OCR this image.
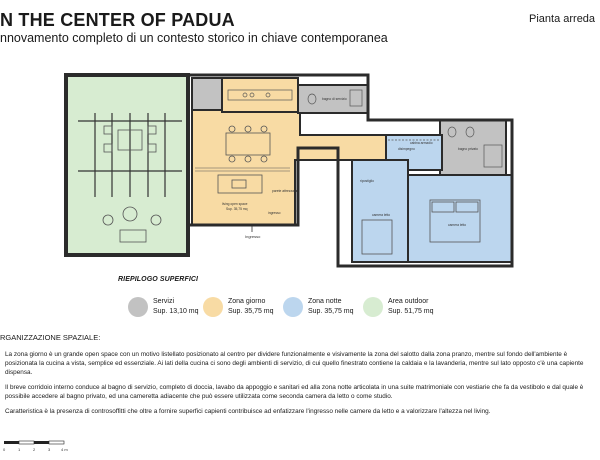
N THE CENTER OF PADUA
nnovamento completo di un contesto storico in chiave contemporanea
Pianta arreda
bagno di servizio
living open space
Sup. 35,75 mq
parete attrezzata
ingresso
disimpegno
cabina armadio
bagno privato
camera letto
camera letto
ripostiglio
Ingresso
RIEPILOGO SUPERFICI
Servizi
Sup. 13,10 mq
Zona giorno
Sup. 35,75 mq
Zona notte
Sup. 35,75 mq
Area outdoor
Sup. 51,75 mq
RGANIZZAZIONE SPAZIALE:
La zona giorno è un grande open space con un motivo listellato posizionato al centro per dividere funzionalmente e visivamente la zona del salotto dalla zona pranzo, mentre sul fondo dell'ambiente è posizionata la cucina a vista, semplice ed essenziale. Ai lati della cucina ci sono degli ambienti di servizio, di cui quello finestrato contiene la caldaia e la lavanderia, mentre sul lato opposto c'è una capiente dispensa.
Il breve corridoio interno conduce al bagno di servizio, completo di doccia, lavabo da appoggio e sanitari ed alla zona notte articolata in una suite matrimoniale con vestiarie che fa da vestibolo e dal quale è possibile accedere al bagno privato, ed una cameretta adiacente che può essere utilizzata come seconda camera da letto o come studio.
Caratteristica è la presenza di controsoffitti che oltre a fornire superfici capienti contribuisce ad enfatizzare l'ingresso nelle camere da letto e a valorizzare l'altezza nel living.
0	1	2	3	4 m
